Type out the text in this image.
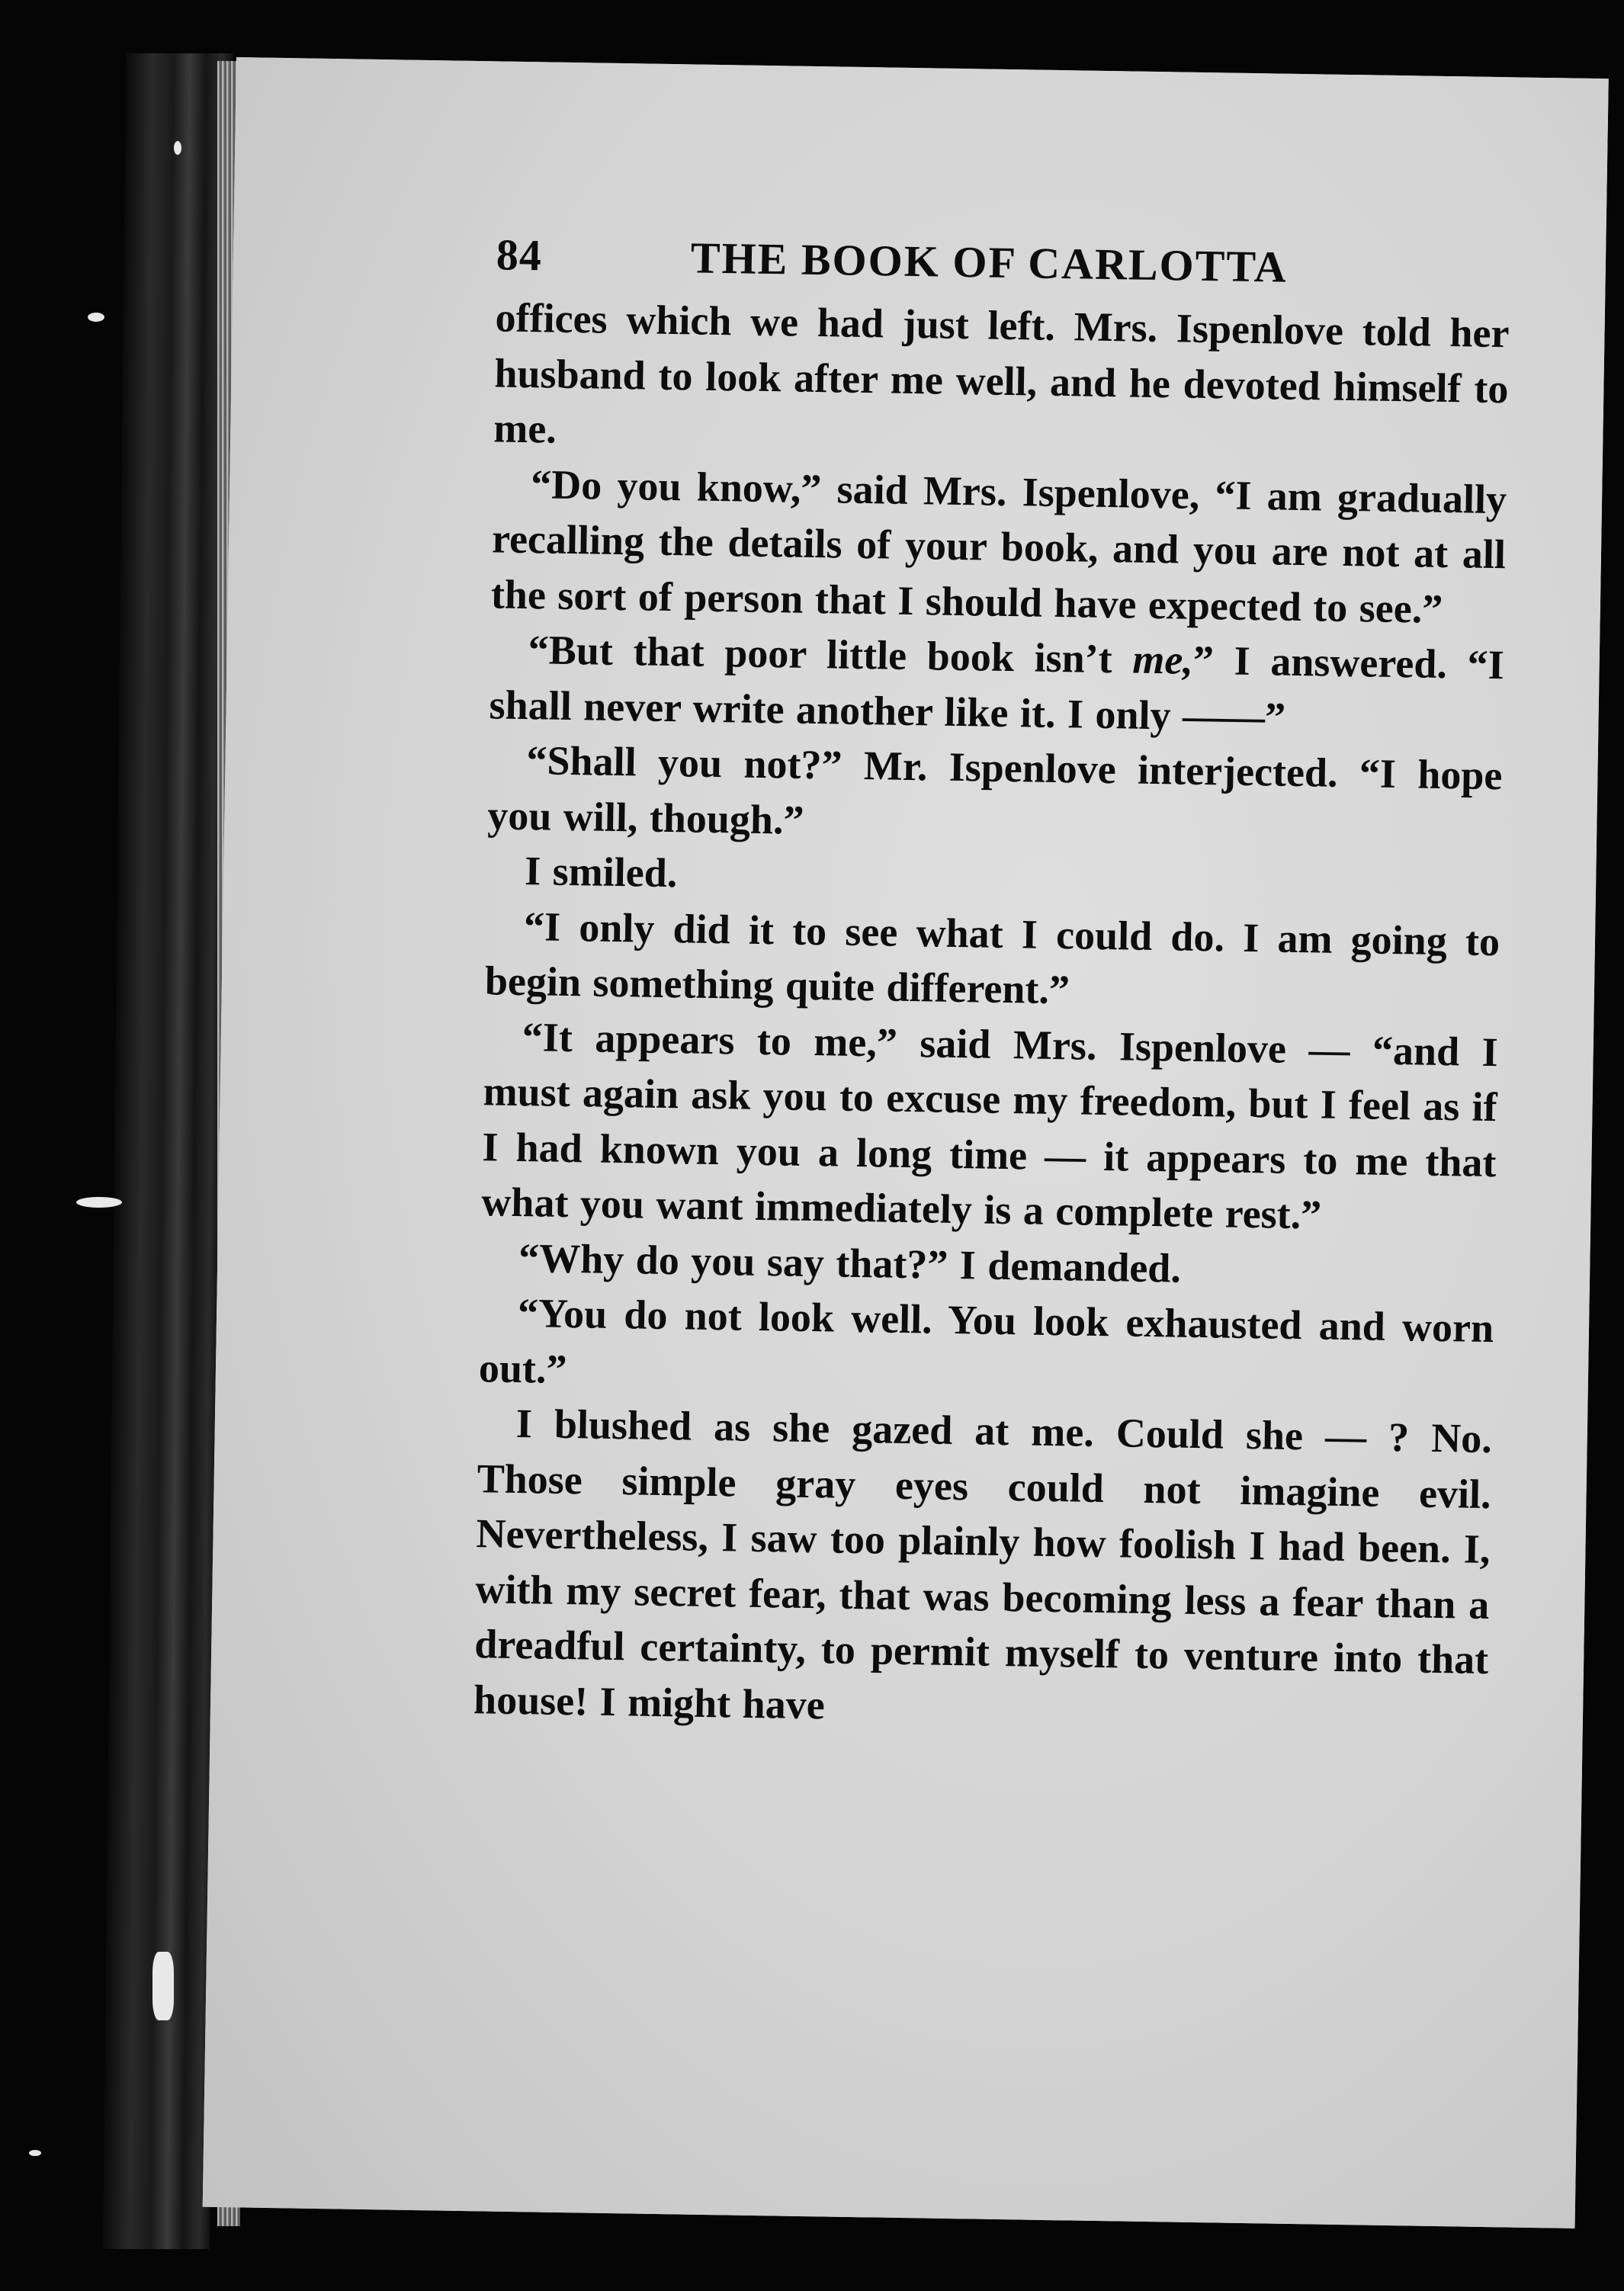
84	THE BOOK OF CARLOTTA

offices which we had just left. Mrs. Ispenlove told her husband to look after me well, and he devoted himself to me.

“Do you know,” said Mrs. Ispenlove, “I am gradually recalling the details of your book, and you are not at all the sort of person that I should have expected to see.”

“But that poor little book isn’t me,” I answered. “I shall never write another like it. I only ——”

“Shall you not?” Mr. Ispenlove interjected. “I hope you will, though.”

I smiled.

“I only did it to see what I could do. I am going to begin something quite different.”

“It appears to me,” said Mrs. Ispenlove — “and I must again ask you to excuse my freedom, but I feel as if I had known you a long time — it appears to me that what you want immediately is a complete rest.”

“Why do you say that?” I demanded.

“You do not look well. You look exhausted and worn out.”

I blushed as she gazed at me. Could she — ? No. Those simple gray eyes could not imagine evil. Nevertheless, I saw too plainly how foolish I had been. I, with my secret fear, that was becoming less a fear than a dreadful certainty, to permit myself to venture into that house! I might have
